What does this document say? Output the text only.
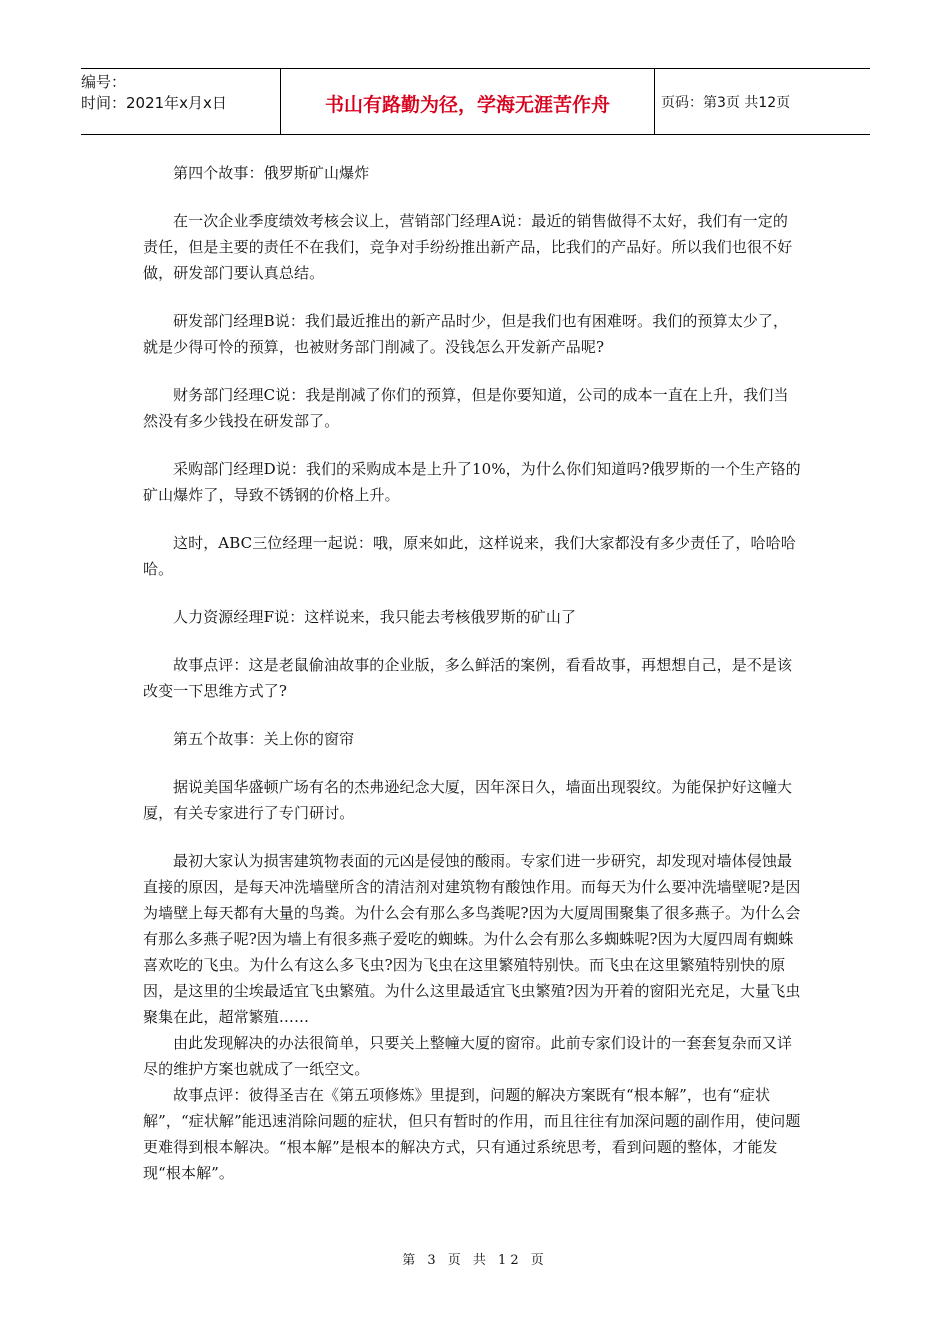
编号：
时间：2021年x月x日	书山有路勤为径，学海无涯苦作舟	页码：第3页 共12页

第四个故事：俄罗斯矿山爆炸

在一次企业季度绩效考核会议上，营销部门经理A说：最近的销售做得不太好，我们有一定的责任，但是主要的责任不在我们，竞争对手纷纷推出新产品，比我们的产品好。所以我们也很不好做，研发部门要认真总结。

研发部门经理B说：我们最近推出的新产品时少，但是我们也有困难呀。我们的预算太少了，就是少得可怜的预算，也被财务部门削减了。没钱怎么开发新产品呢?

财务部门经理C说：我是削减了你们的预算，但是你要知道，公司的成本一直在上升，我们当然没有多少钱投在研发部了。

采购部门经理D说：我们的采购成本是上升了10%，为什么你们知道吗?俄罗斯的一个生产铬的矿山爆炸了，导致不锈钢的价格上升。

这时，ABC三位经理一起说：哦，原来如此，这样说来，我们大家都没有多少责任了，哈哈哈哈。

人力资源经理F说：这样说来，我只能去考核俄罗斯的矿山了

故事点评：这是老鼠偷油故事的企业版，多么鲜活的案例，看看故事，再想想自己，是不是该改变一下思维方式了?

第五个故事：关上你的窗帘

据说美国华盛顿广场有名的杰弗逊纪念大厦，因年深日久，墙面出现裂纹。为能保护好这幢大厦，有关专家进行了专门研讨。

最初大家认为损害建筑物表面的元凶是侵蚀的酸雨。专家们进一步研究，却发现对墙体侵蚀最直接的原因，是每天冲洗墙壁所含的清洁剂对建筑物有酸蚀作用。而每天为什么要冲洗墙壁呢?是因为墙壁上每天都有大量的鸟粪。为什么会有那么多鸟粪呢?因为大厦周围聚集了很多燕子。为什么会有那么多燕子呢?因为墙上有很多燕子爱吃的蜘蛛。为什么会有那么多蜘蛛呢?因为大厦四周有蜘蛛喜欢吃的飞虫。为什么有这么多飞虫?因为飞虫在这里繁殖特别快。而飞虫在这里繁殖特别快的原因，是这里的尘埃最适宜飞虫繁殖。为什么这里最适宜飞虫繁殖?因为开着的窗阳光充足，大量飞虫聚集在此，超常繁殖……

由此发现解决的办法很简单，只要关上整幢大厦的窗帘。此前专家们设计的一套套复杂而又详尽的维护方案也就成了一纸空文。

故事点评：彼得圣吉在《第五项修炼》里提到，问题的解决方案既有“根本解”，也有“症状解”，“症状解”能迅速消除问题的症状，但只有暂时的作用，而且往往有加深问题的副作用，使问题更难得到根本解决。“根本解”是根本的解决方式，只有通过系统思考，看到问题的整体，才能发现“根本解”。

第 3 页 共 12 页
